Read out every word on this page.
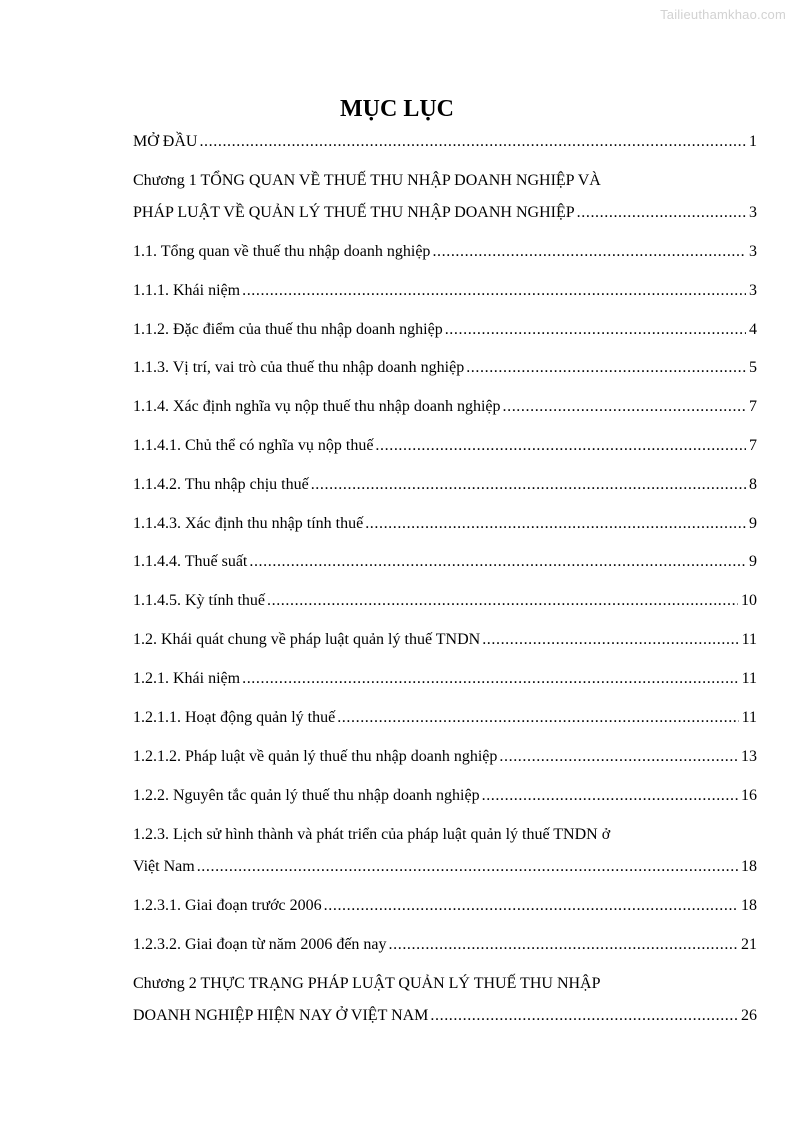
Tailieuthamkhao.com
MỤC LỤC
MỞ ĐẦU .....	1
Chương 1 TỔNG QUAN VỀ THUẾ THU NHẬP DOANH NGHIỆP VÀ
PHÁP LUẬT VỀ QUẢN LÝ THUẾ THU NHẬP DOANH NGHIỆP .....	3
1.1. Tổng quan về thuế thu nhập doanh nghiệp .....	3
1.1.1. Khái niệm .....	3
1.1.2. Đặc điểm của thuế thu nhập doanh nghiệp .....	4
1.1.3. Vị trí, vai trò của thuế thu nhập doanh nghiệp .....	5
1.1.4. Xác định nghĩa vụ nộp thuế thu nhập doanh nghiệp .....	7
1.1.4.1. Chủ thể có nghĩa vụ nộp thuế .....	7
1.1.4.2. Thu nhập chịu thuế .....	8
1.1.4.3. Xác định thu nhập tính thuế .....	9
1.1.4.4. Thuế suất .....	9
1.1.4.5. Kỳ tính thuế .....	10
1.2. Khái quát chung về pháp luật quản lý thuế TNDN .....	11
1.2.1. Khái niệm .....	11
1.2.1.1. Hoạt động quản lý thuế .....	11
1.2.1.2. Pháp luật về quản lý thuế thu nhập doanh nghiệp .....	13
1.2.2. Nguyên tắc quản lý thuế thu nhập doanh nghiệp .....	16
1.2.3. Lịch sử hình thành và phát triển của pháp luật quản lý thuế TNDN ở
Việt Nam .....	18
1.2.3.1. Giai đoạn trước 2006 .....	18
1.2.3.2. Giai đoạn từ năm 2006 đến nay .....	21
Chương 2 THỰC TRẠNG PHÁP LUẬT QUẢN LÝ THUẾ THU NHẬP
DOANH NGHIỆP HIỆN NAY Ở VIỆT NAM .....	26
